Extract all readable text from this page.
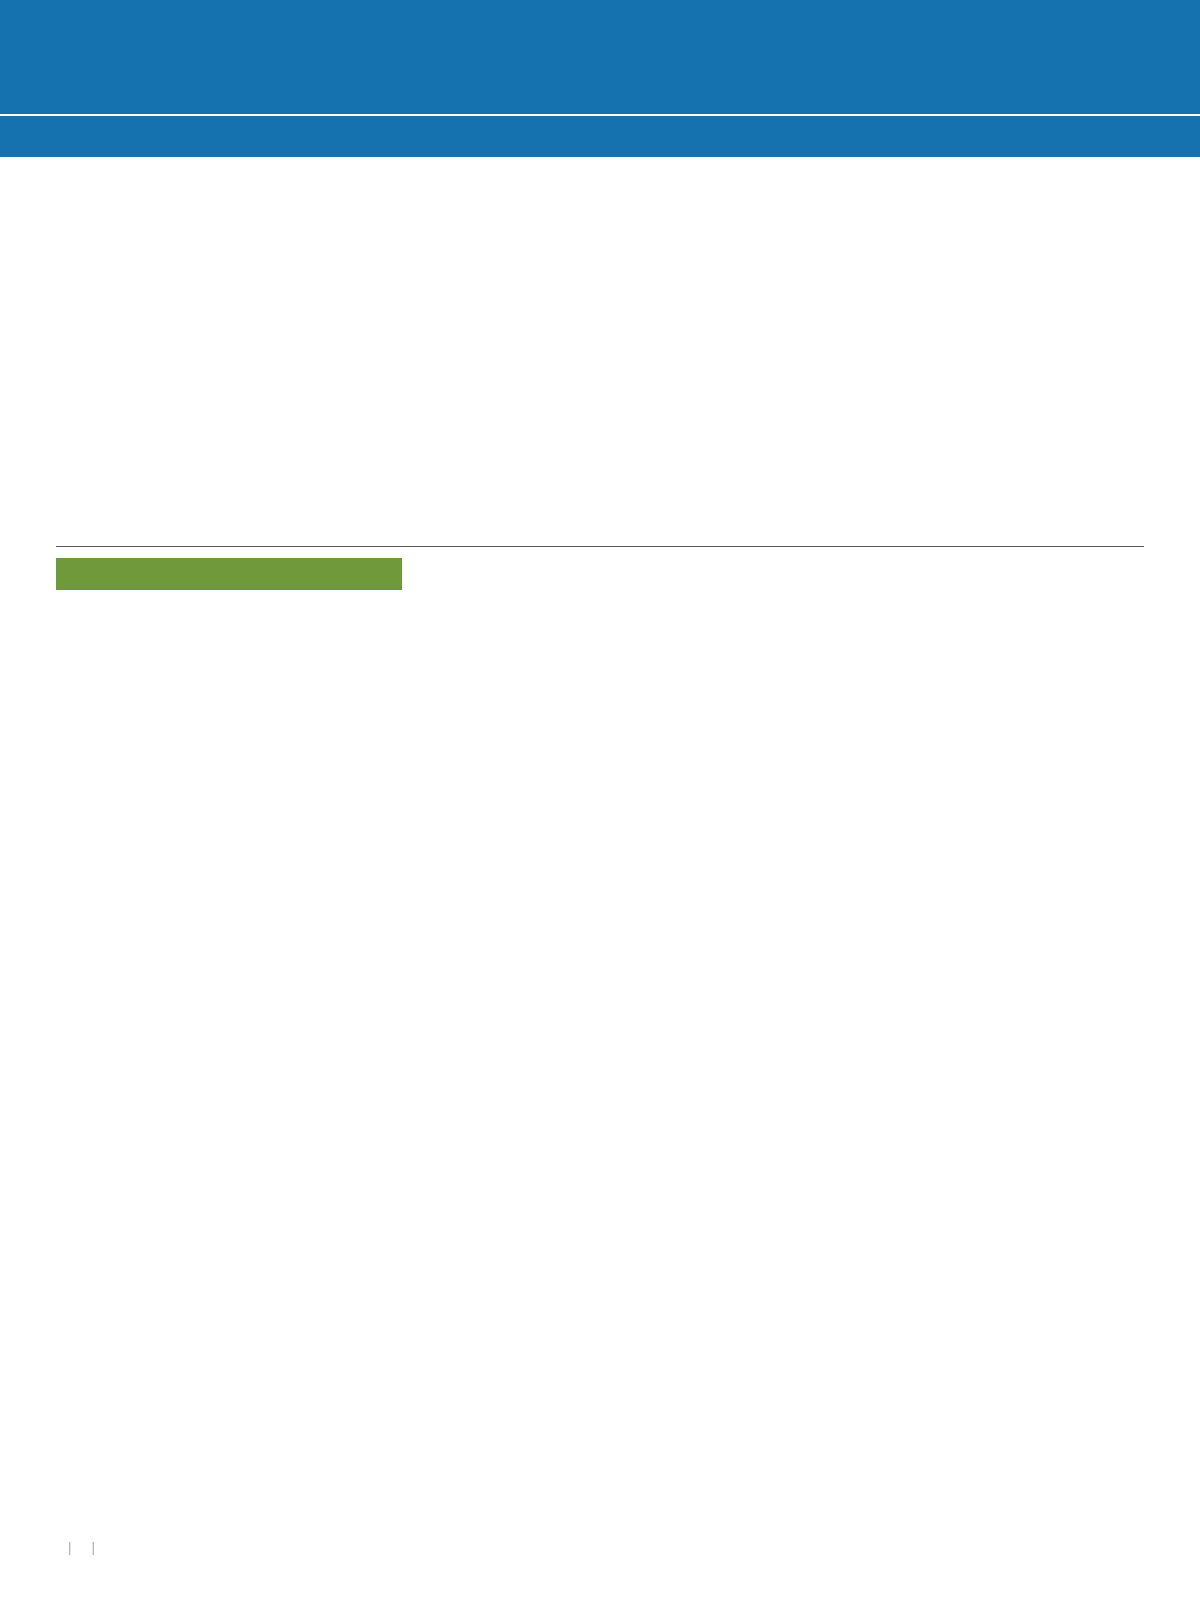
| |
